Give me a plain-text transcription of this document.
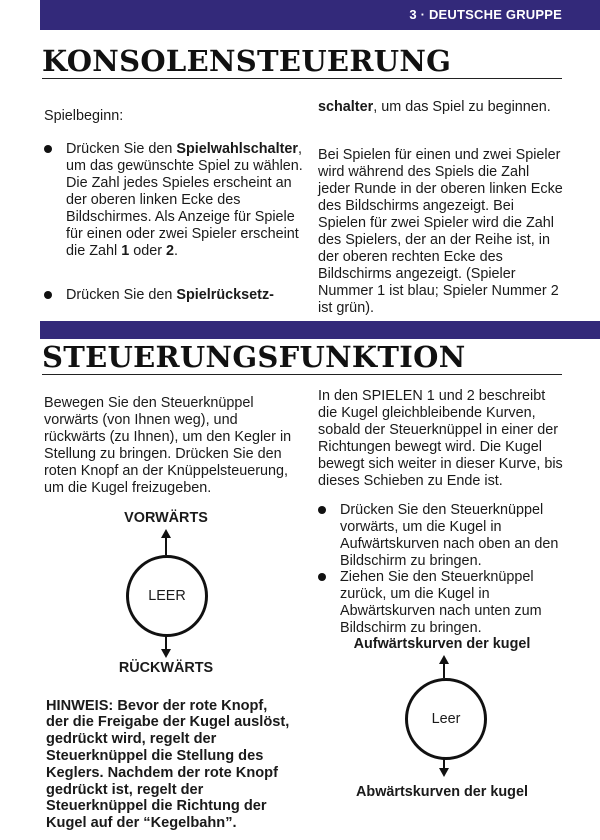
3 · DEUTSCHE GRUPPE
KONSOLENSTEUERUNG

Spielbeginn:

Drücken Sie den Spielwahlschalter, um das gewünschte Spiel zu wählen. Die Zahl jedes Spieles erscheint an der oberen linken Ecke des Bildschirmes. Als Anzeige für Spiele für einen oder zwei Spieler erscheint die Zahl 1 oder 2.
Drücken Sie den Spielrücksetz-

schalter, um das Spiel zu beginnen.

Bei Spielen für einen und zwei Spieler wird während des Spiels die Zahl jeder Runde in der oberen linken Ecke des Bildschirms angezeigt. Bei Spielen für zwei Spieler wird die Zahl des Spielers, der an der Reihe ist, in der oberen rechten Ecke des Bildschirms angezeigt. (Spieler Nummer 1 ist blau; Spieler Nummer 2 ist grün).

STEUERUNGSFUNKTION

Bewegen Sie den Steuerknüppel vorwärts (von Ihnen weg), und rückwärts (zu Ihnen), um den Kegler in Stellung zu bringen. Drücken Sie den roten Knopf an der Knüppelsteuerung, um die Kugel freizugeben.

VORWÄRTS
LEER
RÜCKWÄRTS

HINWEIS: Bevor der rote Knopf, der die Freigabe der Kugel auslöst, gedrückt wird, regelt der Steuerknüppel die Stellung des Keglers. Nachdem der rote Knopf gedrückt ist, regelt der Steuerknüppel die Richtung der Kugel auf der “Kegelbahn”.

In den SPIELEN 1 und 2 beschreibt die Kugel gleichbleibende Kurven, sobald der Steuerknüppel in einer der Richtungen bewegt wird. Die Kugel bewegt sich weiter in dieser Kurve, bis dieses Schieben zu Ende ist.

Drücken Sie den Steuerknüppel vorwärts, um die Kugel in Aufwärtskurven nach oben an den Bildschirm zu bringen.
Ziehen Sie den Steuerknüppel zurück, um die Kugel in Abwärtskurven nach unten zum Bildschirm zu bringen.
Aufwärtskurven der kugel
Leer
Abwärtskurven der kugel
